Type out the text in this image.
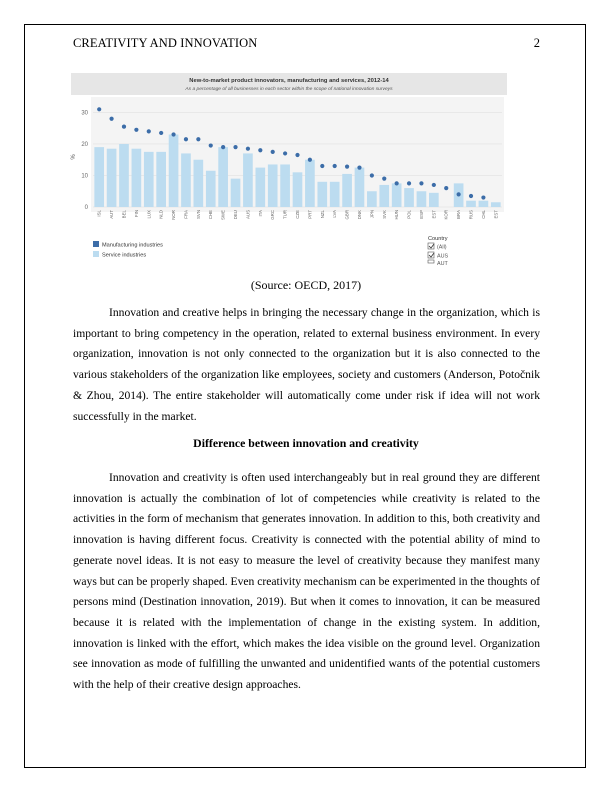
CREATIVITY AND INNOVATION	2
New-to-market product innovators, manufacturing and services, 2012-14
As a percentage of all businesses in each sector within the scope of national innovation surveys
0
10
20
30
%
ISL AUT BEL FIN LUX NLD NOR FRA SVN CHE SWE DEU AUS ITA GRC TUR CZE PRT NZL LVA GBR DNK JPN SVK HUN POL ESP EST KOR BRA RUS CHL EST
Manufacturing industries
Service industries
Country
(All)
AUS
AUT
(Source: OECD, 2017)

Innovation and creative helps in bringing the necessary change in the organization, which is important to bring competency in the operation, related to external business environment. In every organization, innovation is not only connected to the organization but it is also connected to the various stakeholders of the organization like employees, society and customers (Anderson, Potočnik & Zhou, 2014). The entire stakeholder will automatically come under risk if idea will not work successfully in the market.

Difference between innovation and creativity

Innovation and creativity is often used interchangeably but in real ground they are different innovation is actually the combination of lot of competencies while creativity is related to the activities in the form of mechanism that generates innovation. In addition to this, both creativity and innovation is having different focus. Creativity is connected with the potential ability of mind to generate novel ideas. It is not easy to measure the level of creativity because they manifest many ways but can be properly shaped. Even creativity mechanism can be experimented in the thoughts of persons mind (Destination innovation, 2019). But when it comes to innovation, it can be measured because it is related with the implementation of change in the existing system. In addition, innovation is linked with the effort, which makes the idea visible on the ground level. Organization see innovation as mode of fulfilling the unwanted and unidentified wants of the potential customers with the help of their creative design approaches.
